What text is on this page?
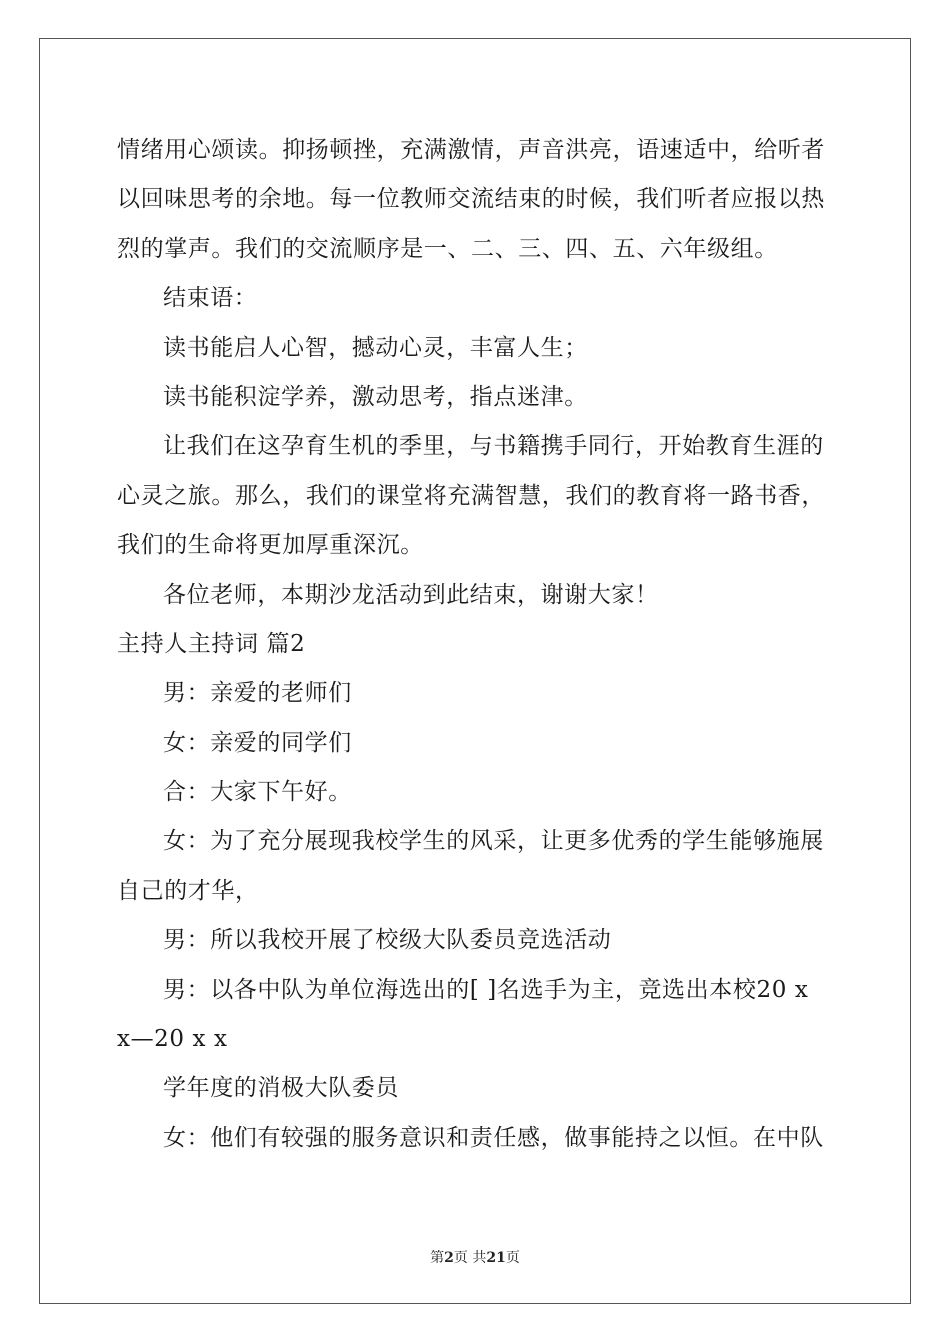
情绪用心颂读。抑扬顿挫，充满激情，声音洪亮，语速适中，给听者
以回味思考的余地。每一位教师交流结束的时候，我们听者应报以热
烈的掌声。我们的交流顺序是一、二、三、四、五、六年级组。
结束语：
读书能启人心智，撼动心灵，丰富人生；
读书能积淀学养，激动思考，指点迷津。
让我们在这孕育生机的季里，与书籍携手同行，开始教育生涯的
心灵之旅。那么，我们的课堂将充满智慧，我们的教育将一路书香，
我们的生命将更加厚重深沉。
各位老师，本期沙龙活动到此结束，谢谢大家！
主持人主持词 篇2
男：亲爱的老师们
女：亲爱的同学们
合：大家下午好。
女：为了充分展现我校学生的风采，让更多优秀的学生能够施展
自己的才华，
男：所以我校开展了校级大队委员竞选活动
男：以各中队为单位海选出的[ ]名选手为主，竞选出本校20 x
x—20 x x
学年度的消极大队委员
女：他们有较强的服务意识和责任感，做事能持之以恒。在中队
第2页 共21页
